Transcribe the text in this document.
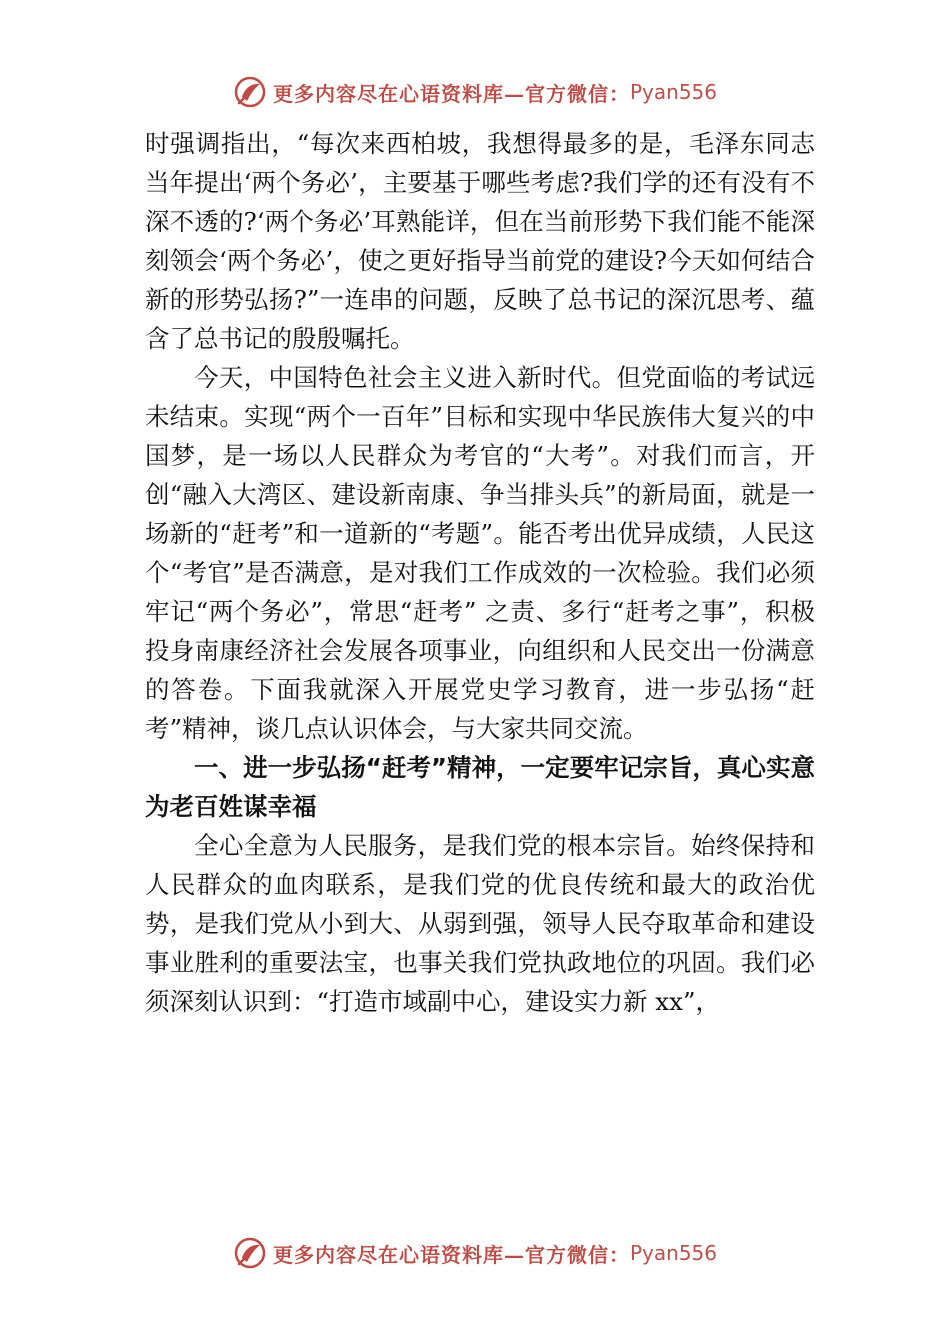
更多内容尽在心语资料库—官方微信： Pyan556

时强调指出，“每次来西柏坡，我想得最多的是，毛泽东同志当年提出‘两个务必’，主要基于哪些考虑?我们学的还有没有不深不透的?‘两个务必’耳熟能详，但在当前形势下我们能不能深刻领会‘两个务必’，使之更好指导当前党的建设?今天如何结合新的形势弘扬?”一连串的问题，反映了总书记的深沉思考、蕴含了总书记的殷殷嘱托。

今天，中国特色社会主义进入新时代。但党面临的考试远未结束。实现“两个一百年”目标和实现中华民族伟大复兴的中国梦，是一场以人民群众为考官的“大考”。对我们而言，开创“融入大湾区、建设新南康、争当排头兵”的新局面，就是一场新的“赶考”和一道新的“考题”。能否考出优异成绩，人民这个“考官”是否满意，是对我们工作成效的一次检验。我们必须牢记“两个务必”，常思“赶考” 之责、多行“赶考之事”，积极投身南康经济社会发展各项事业，向组织和人民交出一份满意的答卷。下面我就深入开展党史学习教育，进一步弘扬“赶考”精神，谈几点认识体会，与大家共同交流。

一、进一步弘扬“赶考”精神，一定要牢记宗旨，真心实意为老百姓谋幸福

全心全意为人民服务，是我们党的根本宗旨。始终保持和人民群众的血肉联系，是我们党的优良传统和最大的政治优势，是我们党从小到大、从弱到强，领导人民夺取革命和建设事业胜利的重要法宝，也事关我们党执政地位的巩固。我们必须深刻认识到：“打造市域副中心，建设实力新 xx”，

更多内容尽在心语资料库—官方微信： Pyan556
